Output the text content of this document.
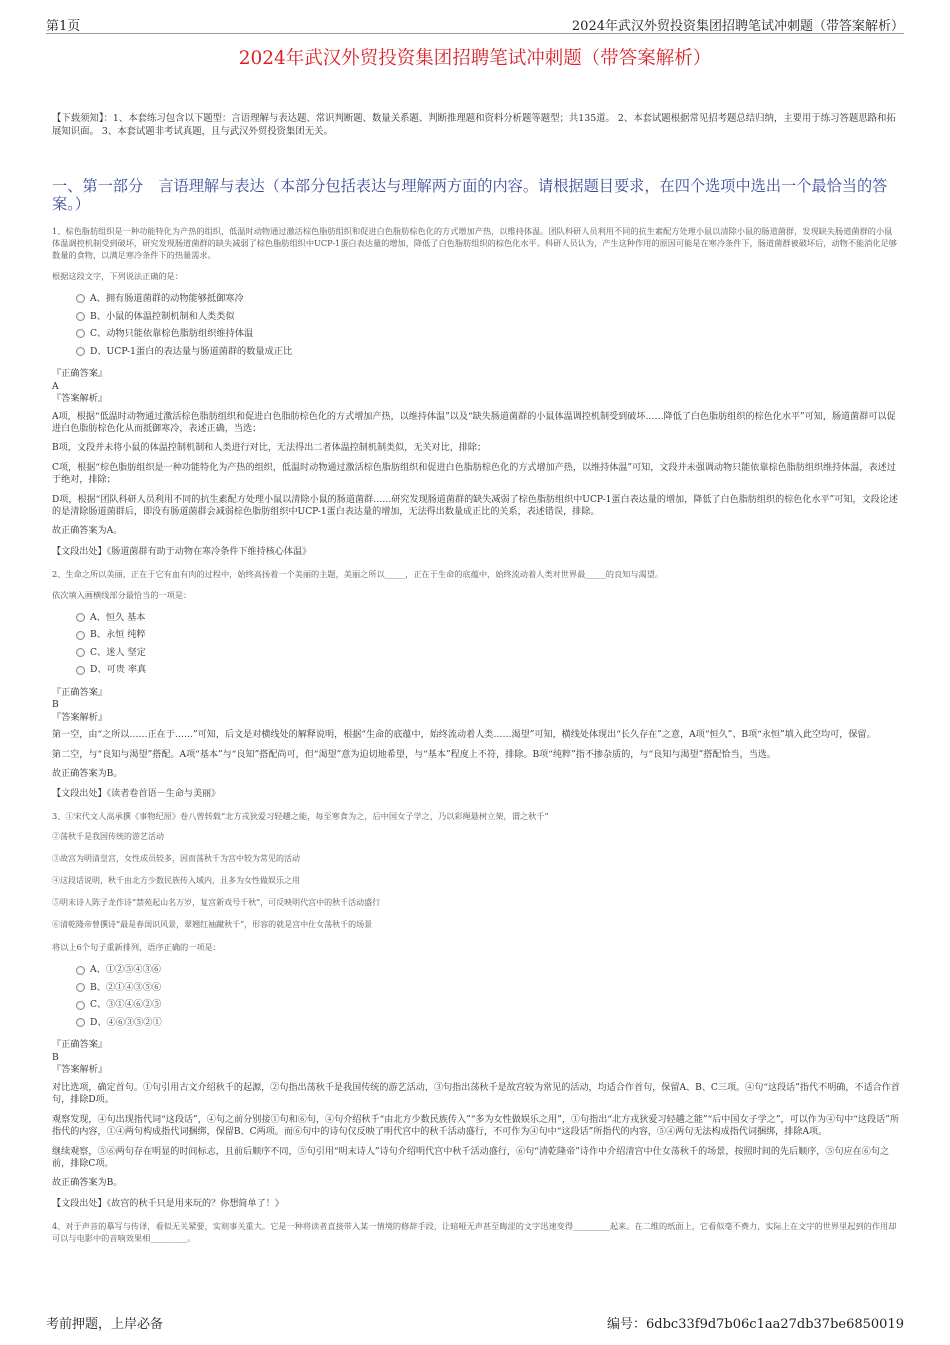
第1页	2024年武汉外贸投资集团招聘笔试冲刺题（带答案解析）
2024年武汉外贸投资集团招聘笔试冲刺题（带答案解析）
【下载须知】：1、本套练习包含以下题型：言语理解与表达题、常识判断题、数量关系题、判断推理题和资料分析题等题型；共135道。 2、本套试题根据常见招考题总结归纳，主要用于练习答题思路和拓展知识面。 3、本套试题非考试真题，且与武汉外贸投资集团无关。
一、第一部分　言语理解与表达（本部分包括表达与理解两方面的内容。请根据题目要求，在四个选项中选出一个最恰当的答案。）
1、棕色脂肪组织是一种功能特化为产热的组织，低温时动物通过激活棕色脂肪组织和促进白色脂肪棕色化的方式增加产热，以维持体温。团队科研人员利用不同的抗生素配方处理小鼠以清除小鼠的肠道菌群，发现缺失肠道菌群的小鼠体温调控机制受到破坏，研究发现肠道菌群的缺失减弱了棕色脂肪组织中UCP-1蛋白表达量的增加，降低了白色脂肪组织的棕色化水平。科研人员认为，产生这种作用的原因可能是在寒冷条件下，肠道菌群被破坏后，动物不能消化足够数量的食物，以满足寒冷条件下的热量需求。
根据这段文字，下列说法正确的是：
A、拥有肠道菌群的动物能够抵御寒冷
B、小鼠的体温控制机制和人类类似
C、动物只能依靠棕色脂肪组织维持体温
D、UCP-1蛋白的表达量与肠道菌群的数量成正比
『正确答案』
A
『答案解析』
A项，根据“低温时动物通过激活棕色脂肪组织和促进白色脂肪棕色化的方式增加产热，以维持体温”以及“缺失肠道菌群的小鼠体温调控机制受到破坏……降低了白色脂肪组织的棕色化水平”可知，肠道菌群可以促进白色脂肪棕色化从而抵御寒冷，表述正确，当选；
B项，文段并未将小鼠的体温控制机制和人类进行对比，无法得出二者体温控制机制类似，无关对比，排除；
C项，根据“棕色脂肪组织是一种功能特化为产热的组织，低温时动物通过激活棕色脂肪组织和促进白色脂肪棕色化的方式增加产热，以维持体温”可知，文段并未强调动物只能依靠棕色脂肪组织维持体温，表述过于绝对，排除；
D项，根据“团队科研人员利用不同的抗生素配方处理小鼠以清除小鼠的肠道菌群……研究发现肠道菌群的缺失减弱了棕色脂肪组织中UCP-1蛋白表达量的增加，降低了白色脂肪组织的棕色化水平”可知，文段论述的是清除肠道菌群后，即没有肠道菌群会减弱棕色脂肪组织中UCP-1蛋白表达量的增加，无法得出数量成正比的关系，表述错误，排除。
故正确答案为A。
【文段出处】《肠道菌群有助于动物在寒冷条件下维持核心体温》
2、生命之所以美丽，正在于它有血有肉的过程中，始终高扬着一个美丽的主题，美丽之所以_____，正在于生命的底蕴中，始终流动着人类对世界最_____的良知与渴望。
依次填入画横线部分最恰当的一项是：
A、恒久 基本
B、永恒 纯粹
C、迷人 坚定
D、可贵 率真
『正确答案』
B
『答案解析』
第一空，由“之所以……正在于……”可知，后文是对横线处的解释说明，根据“生命的底蕴中，始终流动着人类……渴望”可知，横线处体现出“长久存在”之意，A项“恒久”、B项“永恒”填入此空均可，保留。
第二空，与“良知与渴望”搭配。A项“基本”与“良知”搭配尚可，但“渴望”意为迫切地希望，与“基本”程度上不符，排除。B项“纯粹”指不掺杂质的，与“良知与渴望”搭配恰当，当选。
故正确答案为B。
【文段出处】《读者卷首语－生命与美丽》
3、①宋代文人高承撰《事物纪原》卷八曾转载“北方戎狄爱习轻趫之能，每至寒食为之，后中国女子学之，乃以彩绳悬树立架，谓之秋千”
②荡秋千是我国传统的游艺活动
③故宫为明清皇宫，女性成员较多，因而荡秋千为宫中较为常见的活动
④这段话说明，秋千由北方少数民族传入域内，且多为女性做娱乐之用
⑤明末诗人陈子龙作诗“禁苑起山名万岁，复宫新戏号千秋”，可反映明代宫中的秋千活动盛行
⑥清乾隆帝曾撰诗“最是春闺识风景，翠翘红袖蹴秋千”，形容的就是宫中仕女荡秋千的场景
将以上6个句子重新排列，语序正确的一项是：
A、①②⑤④③⑥
B、②①④③⑤⑥
C、③①④⑥②⑤
D、④⑥③⑤②①
『正确答案』
B
『答案解析』
对比选项，确定首句。①句引用古文介绍秋千的起源，②句指出荡秋千是我国传统的游艺活动，③句指出荡秋千是故宫较为常见的活动，均适合作首句，保留A、B、C三项。④句“这段话”指代不明确，不适合作首句，排除D项。
观察发现，④句出现指代词“这段话”，④句之前分别接①句和⑥句，④句介绍秋千“由北方少数民族传入”“多为女性做娱乐之用”，①句指出“北方戎狄爱习轻趫之能”“后中国女子学之”，可以作为④句中“这段话”所指代的内容，①④两句构成指代词捆绑，保留B、C两项。而⑥句中的诗句仅反映了明代宫中的秋千活动盛行，不可作为④句中“这段话”所指代的内容，⑤④两句无法构成指代词捆绑，排除A项。
继续观察，⑤⑥两句存在明显的时间标志，且前后顺序不同，⑤句引用“明末诗人”诗句介绍明代宫中秋千活动盛行，⑥句“清乾隆帝”诗作中介绍清宫中仕女荡秋千的场景，按照时间的先后顺序，⑤句应在⑥句之前，排除C项。
故正确答案为B。
【文段出处】《故宫的秋千只是用来玩的？你想简单了！》
4、对于声音的摹写与传译，看似无关紧要，实则事关重大。它是一种将读者直接带入某一情境的修辞手段，让暗哑无声甚至晦涩的文字迅速变得_________起来。在二维的纸面上，它看似毫不费力，实际上在文字的世界里起到的作用却可以与电影中的音响效果相_________。
考前押题，上岸必备	编号：6dbc33f9d7b06c1aa27db37be6850019
